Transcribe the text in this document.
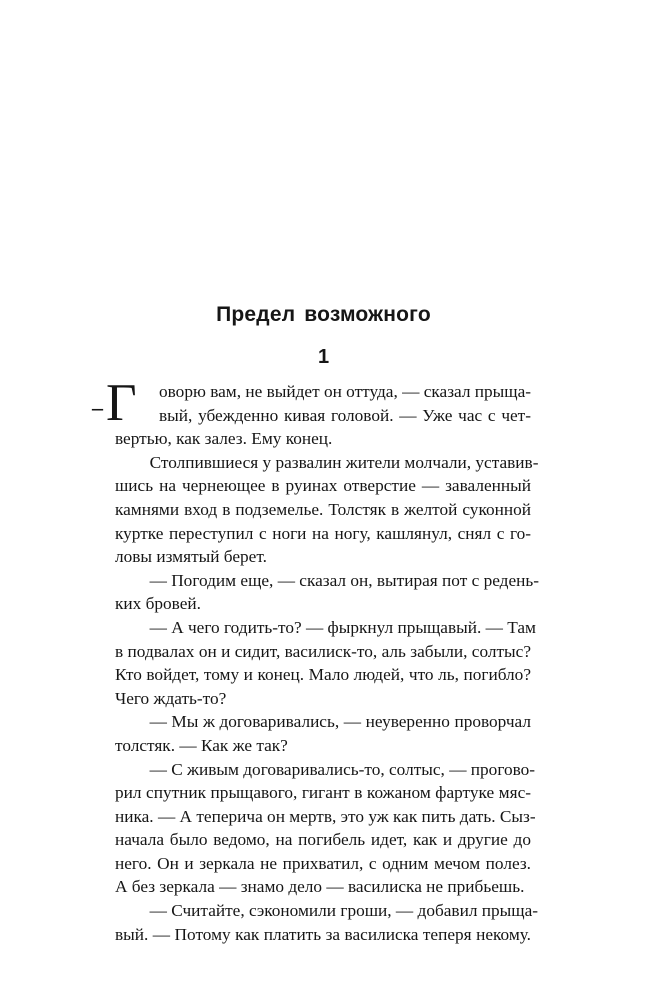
Предел возможного
1
– Г	оворю вам, не выйдет он оттуда, — сказал прыща-
вый, убежденно кивая головой. — Уже час с чет-
вертью, как залез. Ему конец.
Столпившиеся у развалин жители молчали, уставив-
шись на чернеющее в руинах отверстие — заваленный
камнями вход в подземелье. Толстяк в желтой суконной
куртке переступил с ноги на ногу, кашлянул, снял с го-
ловы измятый берет.
— Погодим еще, — сказал он, вытирая пот с редень-
ких бровей.
— А чего годить-то? — фыркнул прыщавый. — Там
в подвалах он и сидит, василиск-то, аль забыли, солтыс?
Кто войдет, тому и конец. Мало людей, что ль, погибло?
Чего ждать-то?
— Мы ж договаривались, — неуверенно проворчал
толстяк. — Как же так?
— С живым договаривались-то, солтыс, — прогово-
рил спутник прыщавого, гигант в кожаном фартуке мяс-
ника. — А теперича он мертв, это уж как пить дать. Сыз-
начала было ведомо, на погибель идет, как и другие до
него. Он и зеркала не прихватил, с одним мечом полез.
А без зеркала — знамо дело — василиска не прибьешь.
— Считайте, сэкономили гроши, — добавил прыща-
вый. — Потому как платить за василиска теперя некому.
